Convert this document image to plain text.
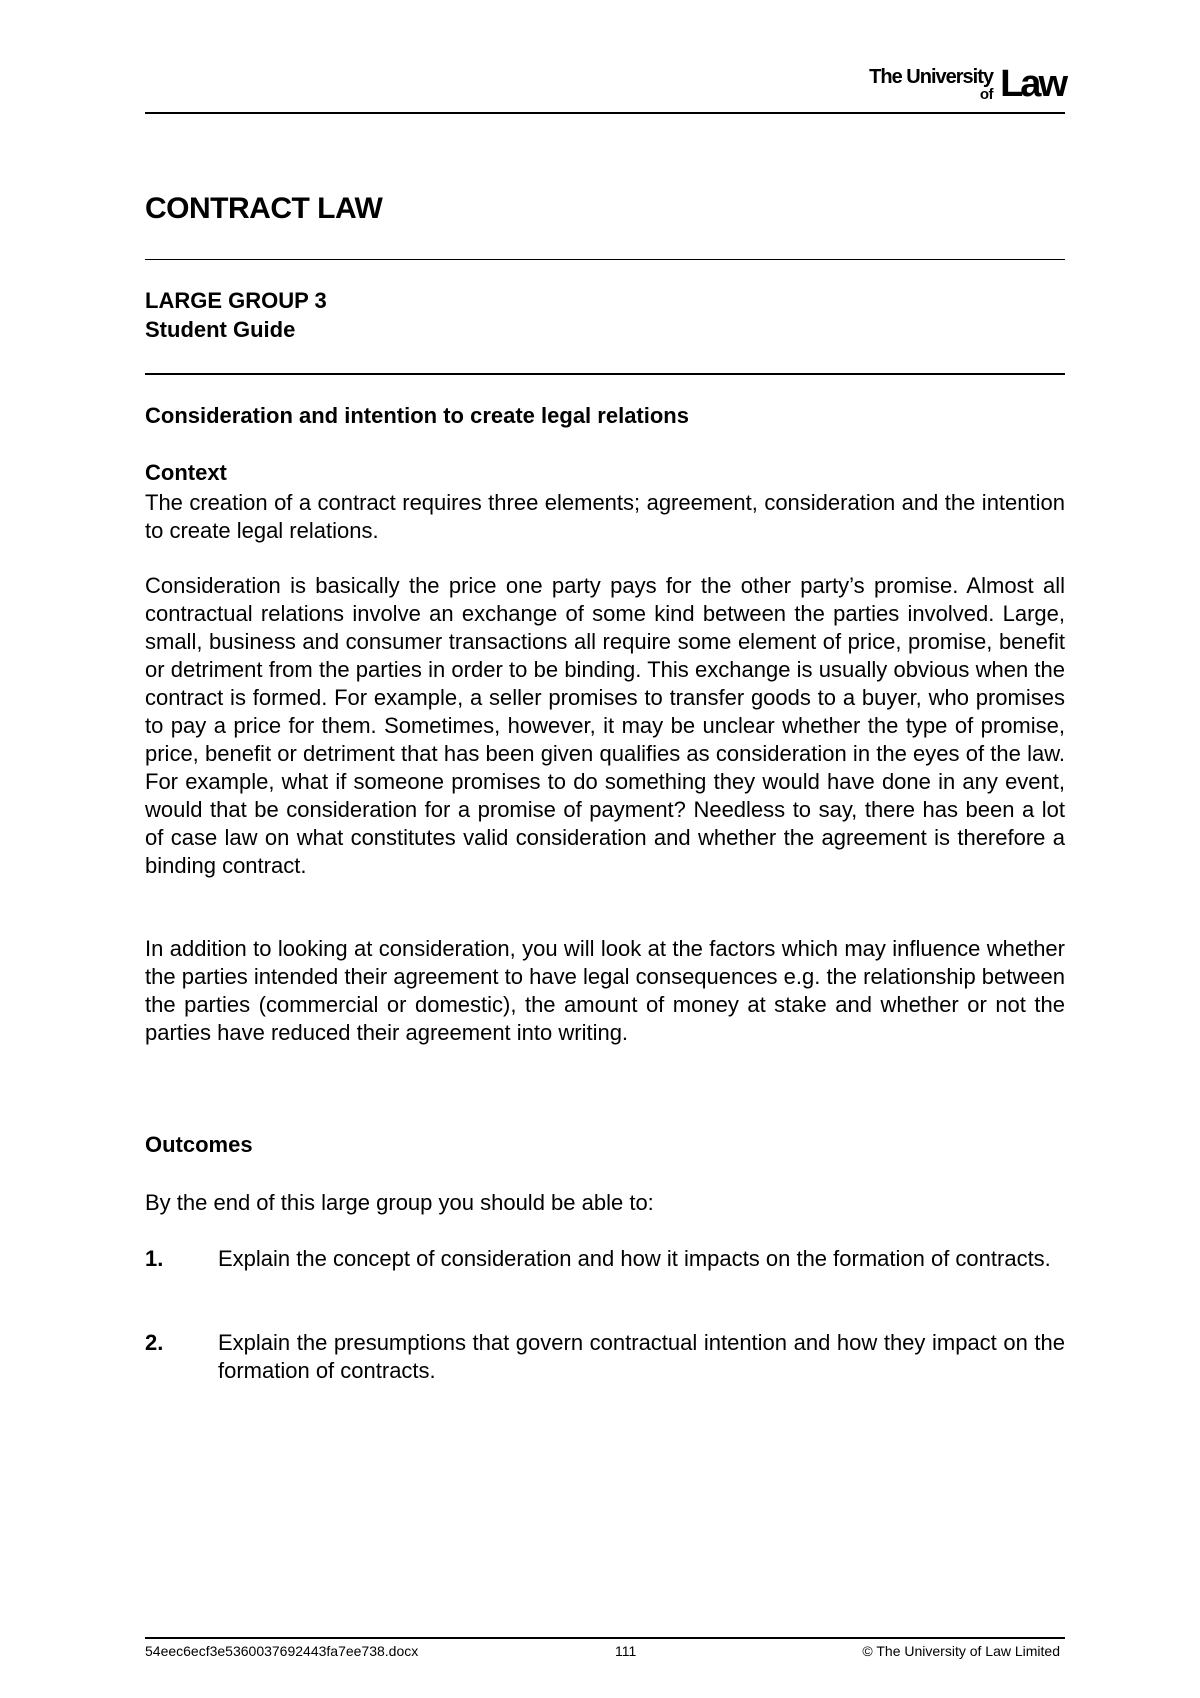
The University
of Law
CONTRACT LAW
LARGE GROUP 3
Student Guide
Consideration and intention to create legal relations
Context
The creation of a contract requires three elements; agreement, consideration and the intention to create legal relations.
Consideration is basically the price one party pays for the other party’s promise. Almost all contractual relations involve an exchange of some kind between the parties involved. Large, small, business and consumer transactions all require some element of price, promise, benefit or detriment from the parties in order to be binding. This exchange is usually obvious when the contract is formed. For example, a seller promises to transfer goods to a buyer, who promises to pay a price for them. Sometimes, however, it may be unclear whether the type of promise, price, benefit or detriment that has been given qualifies as consideration in the eyes of the law. For example, what if someone promises to do something they would have done in any event, would that be consideration for a promise of payment? Needless to say, there has been a lot of case law on what constitutes valid consideration and whether the agreement is therefore a binding contract.
In addition to looking at consideration, you will look at the factors which may influence whether the parties intended their agreement to have legal consequences e.g. the relationship between the parties (commercial or domestic), the amount of money at stake and whether or not the parties have reduced their agreement into writing.
Outcomes
By the end of this large group you should be able to:
1. Explain the concept of consideration and how it impacts on the formation of contracts.
2. Explain the presumptions that govern contractual intention and how they impact on the formation of contracts.
54eec6ecf3e5360037692443fa7ee738.docx	111	© The University of Law Limited
